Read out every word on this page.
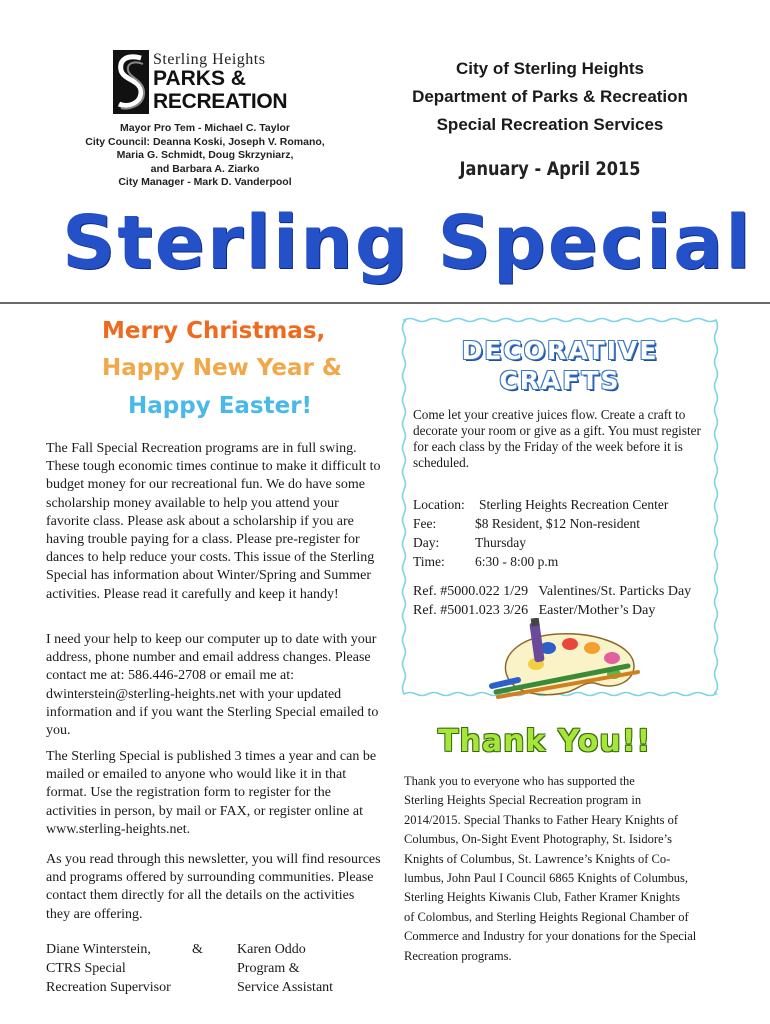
Sterling Heights
PARKS &
RECREATION
Mayor Pro Tem - Michael C. Taylor
City Council: Deanna Koski, Joseph V. Romano,
Maria G. Schmidt, Doug Skrzyniarz,
and Barbara A. Ziarko
City Manager - Mark D. Vanderpool
City of Sterling Heights
Department of Parks & Recreation
Special Recreation Services
January - April 2015
Sterling Special
Merry Christmas,
Happy New Year &
Happy Easter!
The Fall Special Recreation programs are in full swing. These tough economic times continue to make it difficult to budget money for our recreational fun. We do have some scholarship money available to help you attend your favorite class. Please ask about a scholarship if you are having trouble paying for a class. Please pre-register for dances to help reduce your costs. This issue of the Sterling Special has information about Winter/Spring and Summer activities. Please read it carefully and keep it handy!
I need your help to keep our computer up to date with your address, phone number and email address changes. Please contact me at: 586.446-2708 or email me at: dwinterstein@sterling-heights.net with your updated information and if you want the Sterling Special emailed to you.
The Sterling Special is published 3 times a year and can be mailed or emailed to anyone who would like it in that format. Use the registration form to register for the activities in person, by mail or FAX, or register online at www.sterling-heights.net.
As you read through this newsletter, you will find resources and programs offered by surrounding communities. Please contact them directly for all the details on the activities they are offering.
Diane Winterstein,
CTRS Special
Recreation Supervisor
& Karen Oddo
Program &
Service Assistant
DECORATIVE
CRAFTS
Come let your creative juices flow. Create a craft to decorate your room or give as a gift. You must register for each class by the Friday of the week before it is scheduled.
Location: Sterling Heights Recreation Center
Fee:	$8 Resident, $12 Non-resident
Day:	Thursday
Time: 6:30 - 8:00 p.m
Ref. #5000.022 1/29   Valentines/St. Particks Day
Ref. #5001.023 3/26   Easter/Mother’s Day
Thank You!!
Thank you to everyone who has supported the
Sterling Heights Special Recreation program in
2014/2015. Special Thanks to Father Heary Knights of
Columbus, On-Sight Event Photography, St. Isidore’s
Knights of Columbus, St. Lawrence’s Knights of Co-
lumbus, John Paul I Council 6865 Knights of Columbus,
Sterling Heights Kiwanis Club, Father Kramer Knights
of Colombus, and Sterling Heights Regional Chamber of
Commerce and Industry for your donations for the Special
Recreation programs.
